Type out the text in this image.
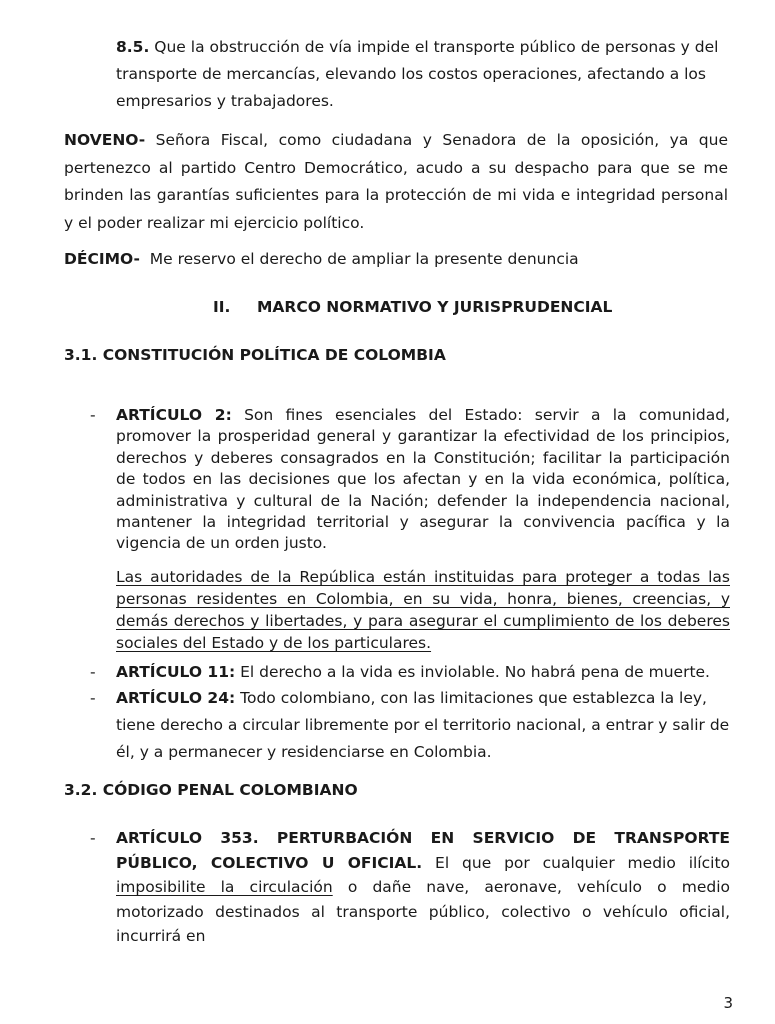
8.5. Que la obstrucción de vía impide el transporte público de personas y del transporte de mercancías, elevando los costos operaciones, afectando a los empresarios y trabajadores.

NOVENO- Señora Fiscal, como ciudadana y Senadora de la oposición, ya que pertenezco al partido Centro Democrático, acudo a su despacho para que se me brinden las garantías suficientes para la protección de mi vida e integridad personal y el poder realizar mi ejercicio político.

DÉCIMO-  Me reservo el derecho de ampliar la presente denuncia

II. MARCO NORMATIVO Y JURISPRUDENCIAL
3.1. CONSTITUCIÓN POLÍTICA DE COLOMBIA
- ARTÍCULO 2: Son fines esenciales del Estado: servir a la comunidad, promover la prosperidad general y garantizar la efectividad de los principios, derechos y deberes consagrados en la Constitución; facilitar la participación de todos en las decisiones que los afectan y en la vida económica, política, administrativa y cultural de la Nación; defender la independencia nacional, mantener la integridad territorial y asegurar la convivencia pacífica y la vigencia de un orden justo.

Las autoridades de la República están instituidas para proteger a todas las personas residentes en Colombia, en su vida, honra, bienes, creencias, y demás derechos y libertades, y para asegurar el cumplimiento de los deberes sociales del Estado y de los particulares.

- ARTÍCULO 11: El derecho a la vida es inviolable. No habrá pena de muerte.

- ARTÍCULO 24: Todo colombiano, con las limitaciones que establezca la ley, tiene derecho a circular libremente por el territorio nacional, a entrar y salir de él, y a permanecer y residenciarse en Colombia.

3.2. CÓDIGO PENAL COLOMBIANO
- ARTÍCULO 353. PERTURBACIÓN EN SERVICIO DE TRANSPORTE PÚBLICO, COLECTIVO U OFICIAL. El que por cualquier medio ilícito imposibilite la circulación o dañe nave, aeronave, vehículo o medio motorizado destinados al transporte público, colectivo o vehículo oficial, incurrirá en

3
